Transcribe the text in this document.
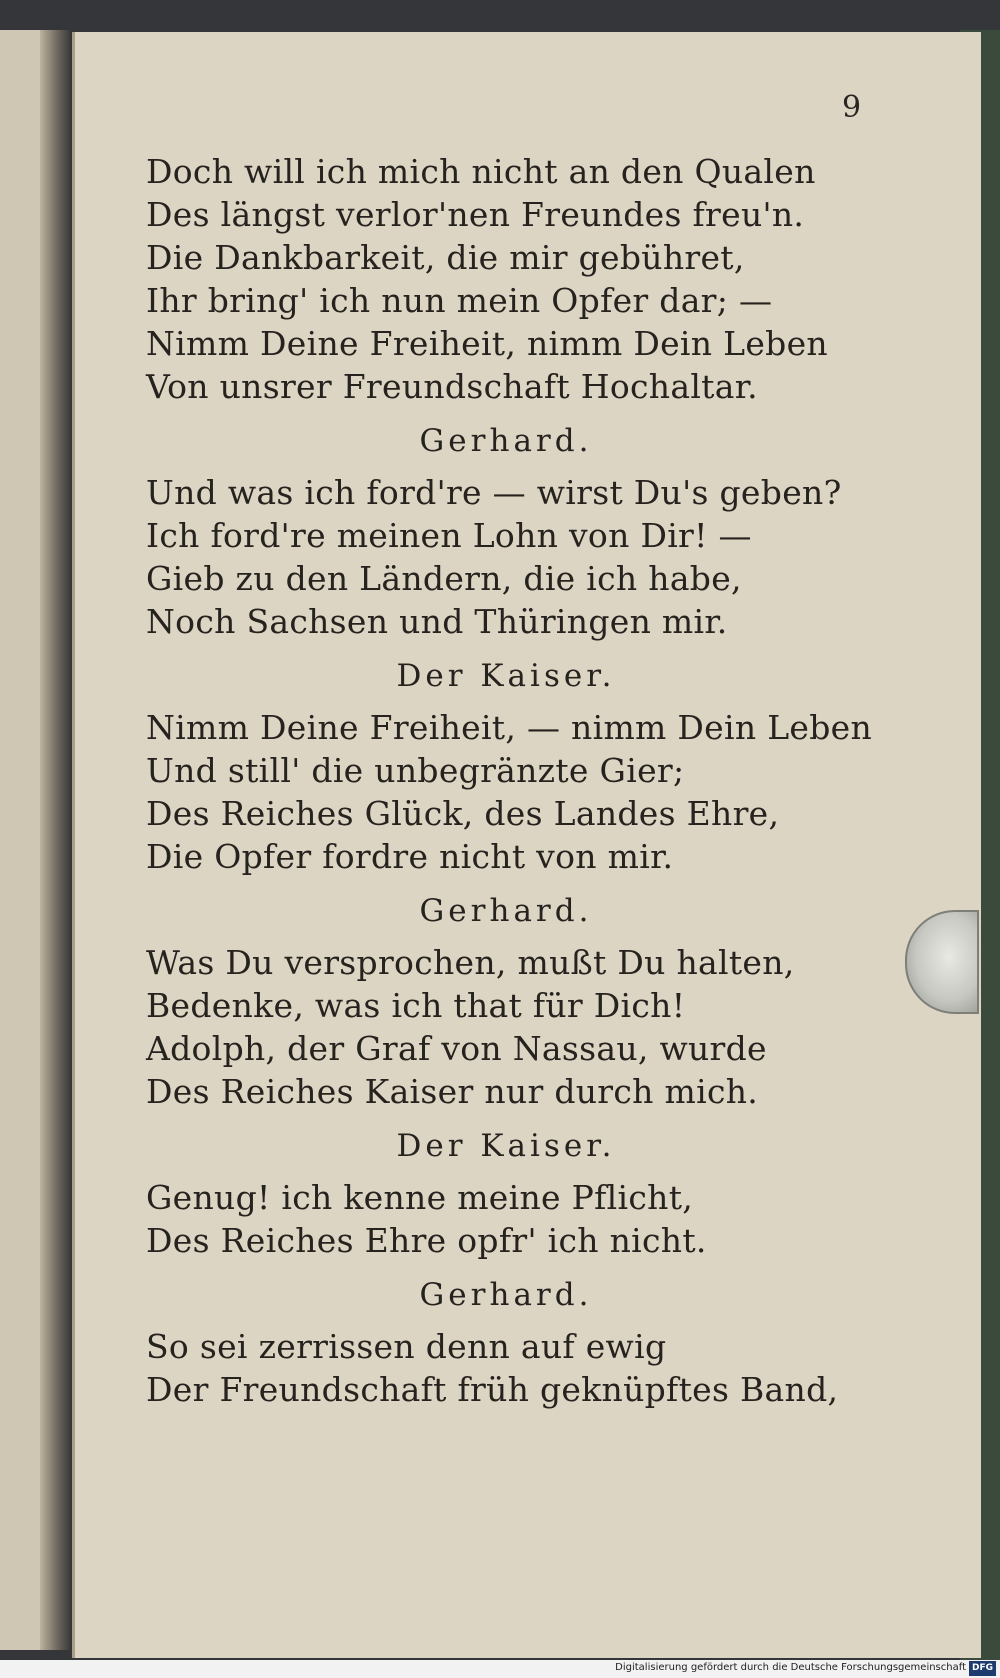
9
Doch will ich mich nicht an den Qualen
Des längst verlor'nen Freundes freu'n.
Die Dankbarkeit, die mir gebühret,
Ihr bring' ich nun mein Opfer dar; —
Nimm Deine Freiheit, nimm Dein Leben
Von unsrer Freundschaft Hochaltar.
Gerhard.
Und was ich ford're — wirst Du's geben?
Ich ford're meinen Lohn von Dir! —
Gieb zu den Ländern, die ich habe,
Noch Sachsen und Thüringen mir.
Der Kaiser.
Nimm Deine Freiheit, — nimm Dein Leben
Und still' die unbegränzte Gier;
Des Reiches Glück, des Landes Ehre,
Die Opfer fordre nicht von mir.
Gerhard.
Was Du versprochen, mußt Du halten,
Bedenke, was ich that für Dich!
Adolph, der Graf von Nassau, wurde
Des Reiches Kaiser nur durch mich.
Der Kaiser.
Genug! ich kenne meine Pflicht,
Des Reiches Ehre opfr' ich nicht.
Gerhard.
So sei zerrissen denn auf ewig
Der Freundschaft früh geknüpftes Band,
Digitalisierung gefördert durch die Deutsche Forschungsgemeinschaft DFG
